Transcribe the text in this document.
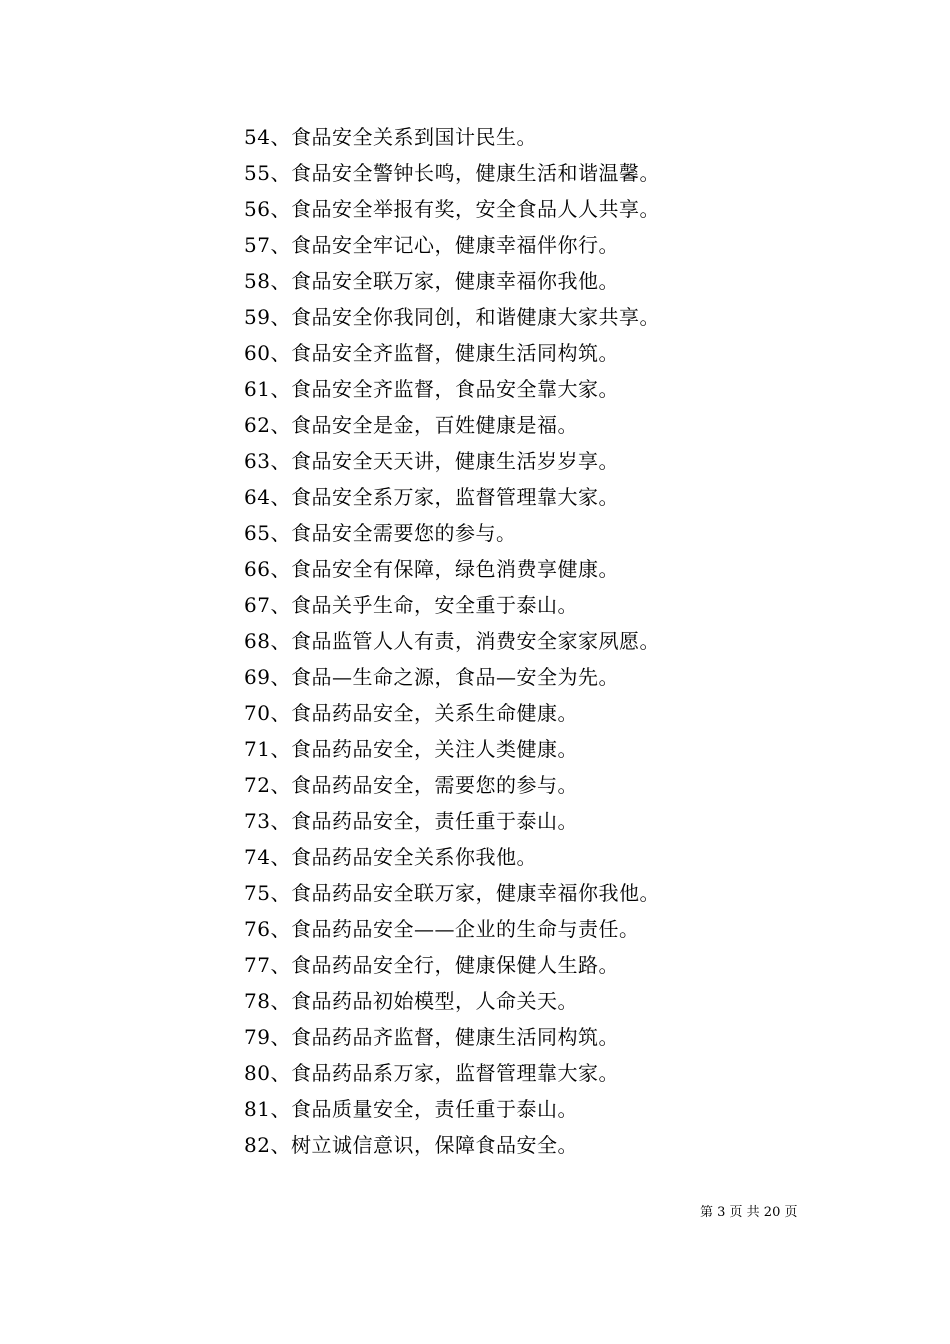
54、食品安全关系到国计民生。
55、食品安全警钟长鸣，健康生活和谐温馨。
56、食品安全举报有奖，安全食品人人共享。
57、食品安全牢记心，健康幸福伴你行。
58、食品安全联万家，健康幸福你我他。
59、食品安全你我同创，和谐健康大家共享。
60、食品安全齐监督，健康生活同构筑。
61、食品安全齐监督，食品安全靠大家。
62、食品安全是金，百姓健康是福。
63、食品安全天天讲，健康生活岁岁享。
64、食品安全系万家，监督管理靠大家。
65、食品安全需要您的参与。
66、食品安全有保障，绿色消费享健康。
67、食品关乎生命，安全重于泰山。
68、食品监管人人有责，消费安全家家夙愿。
69、食品—生命之源，食品—安全为先。
70、食品药品安全，关系生命健康。
71、食品药品安全，关注人类健康。
72、食品药品安全，需要您的参与。
73、食品药品安全，责任重于泰山。
74、食品药品安全关系你我他。
75、食品药品安全联万家，健康幸福你我他。
76、食品药品安全——企业的生命与责任。
77、食品药品安全行，健康保健人生路。
78、食品药品初始模型，人命关天。
79、食品药品齐监督，健康生活同构筑。
80、食品药品系万家，监督管理靠大家。
81、食品质量安全，责任重于泰山。
82、树立诚信意识，保障食品安全。
第 3 页 共 20 页
